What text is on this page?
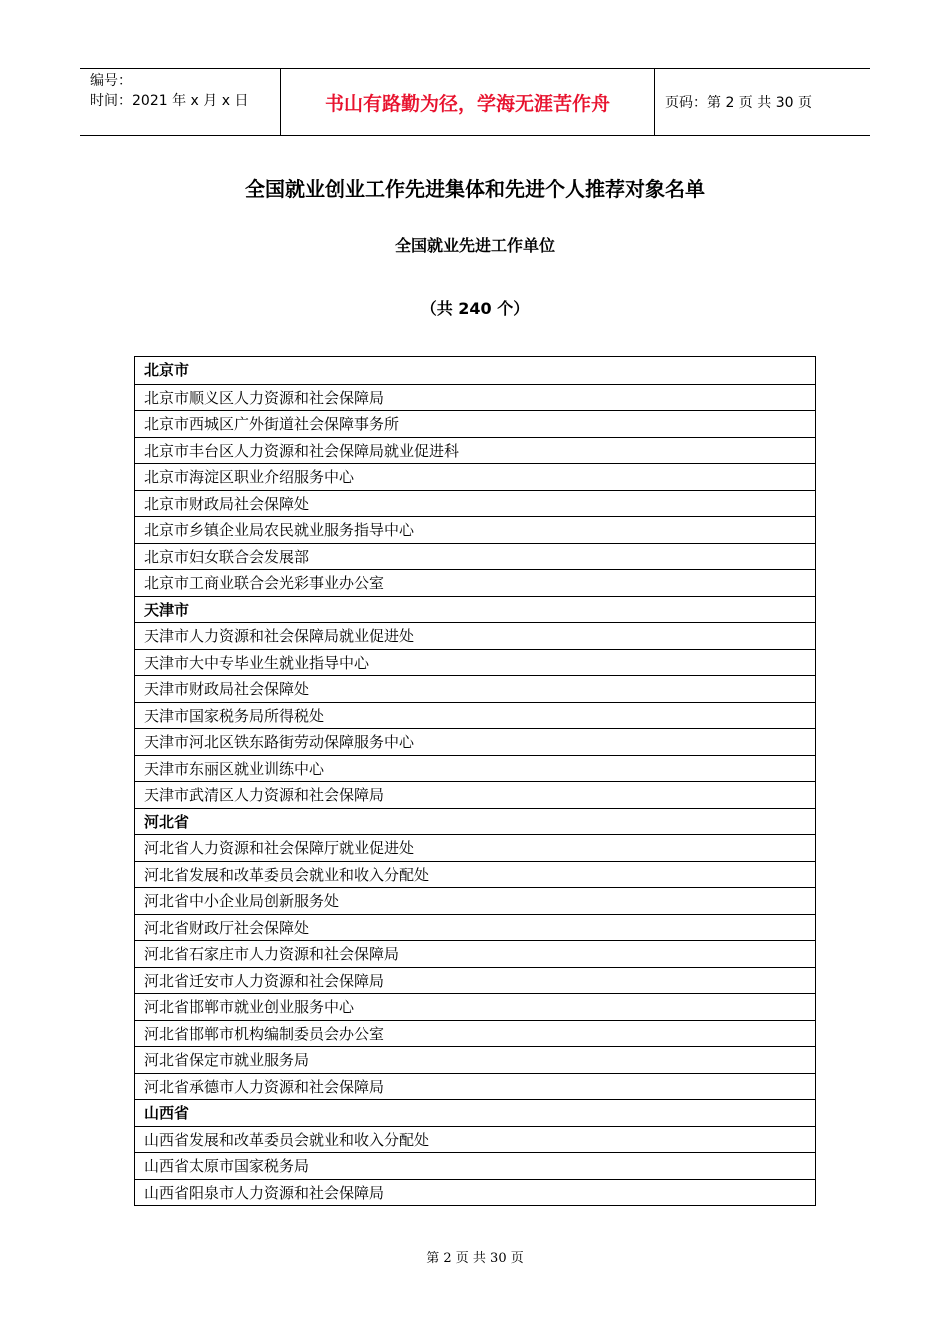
编号：
时间：2021 年 x 月 x 日	书山有路勤为径，学海无涯苦作舟	页码：第 2 页 共 30 页
全国就业创业工作先进集体和先进个人推荐对象名单
全国就业先进工作单位
（共 240 个）
北京市
北京市顺义区人力资源和社会保障局
北京市西城区广外街道社会保障事务所
北京市丰台区人力资源和社会保障局就业促进科
北京市海淀区职业介绍服务中心
北京市财政局社会保障处
北京市乡镇企业局农民就业服务指导中心
北京市妇女联合会发展部
北京市工商业联合会光彩事业办公室
天津市
天津市人力资源和社会保障局就业促进处
天津市大中专毕业生就业指导中心
天津市财政局社会保障处
天津市国家税务局所得税处
天津市河北区铁东路街劳动保障服务中心
天津市东丽区就业训练中心
天津市武清区人力资源和社会保障局
河北省
河北省人力资源和社会保障厅就业促进处
河北省发展和改革委员会就业和收入分配处
河北省中小企业局创新服务处
河北省财政厅社会保障处
河北省石家庄市人力资源和社会保障局
河北省迁安市人力资源和社会保障局
河北省邯郸市就业创业服务中心
河北省邯郸市机构编制委员会办公室
河北省保定市就业服务局
河北省承德市人力资源和社会保障局
山西省
山西省发展和改革委员会就业和收入分配处
山西省太原市国家税务局
山西省阳泉市人力资源和社会保障局
第 2 页 共 30 页
